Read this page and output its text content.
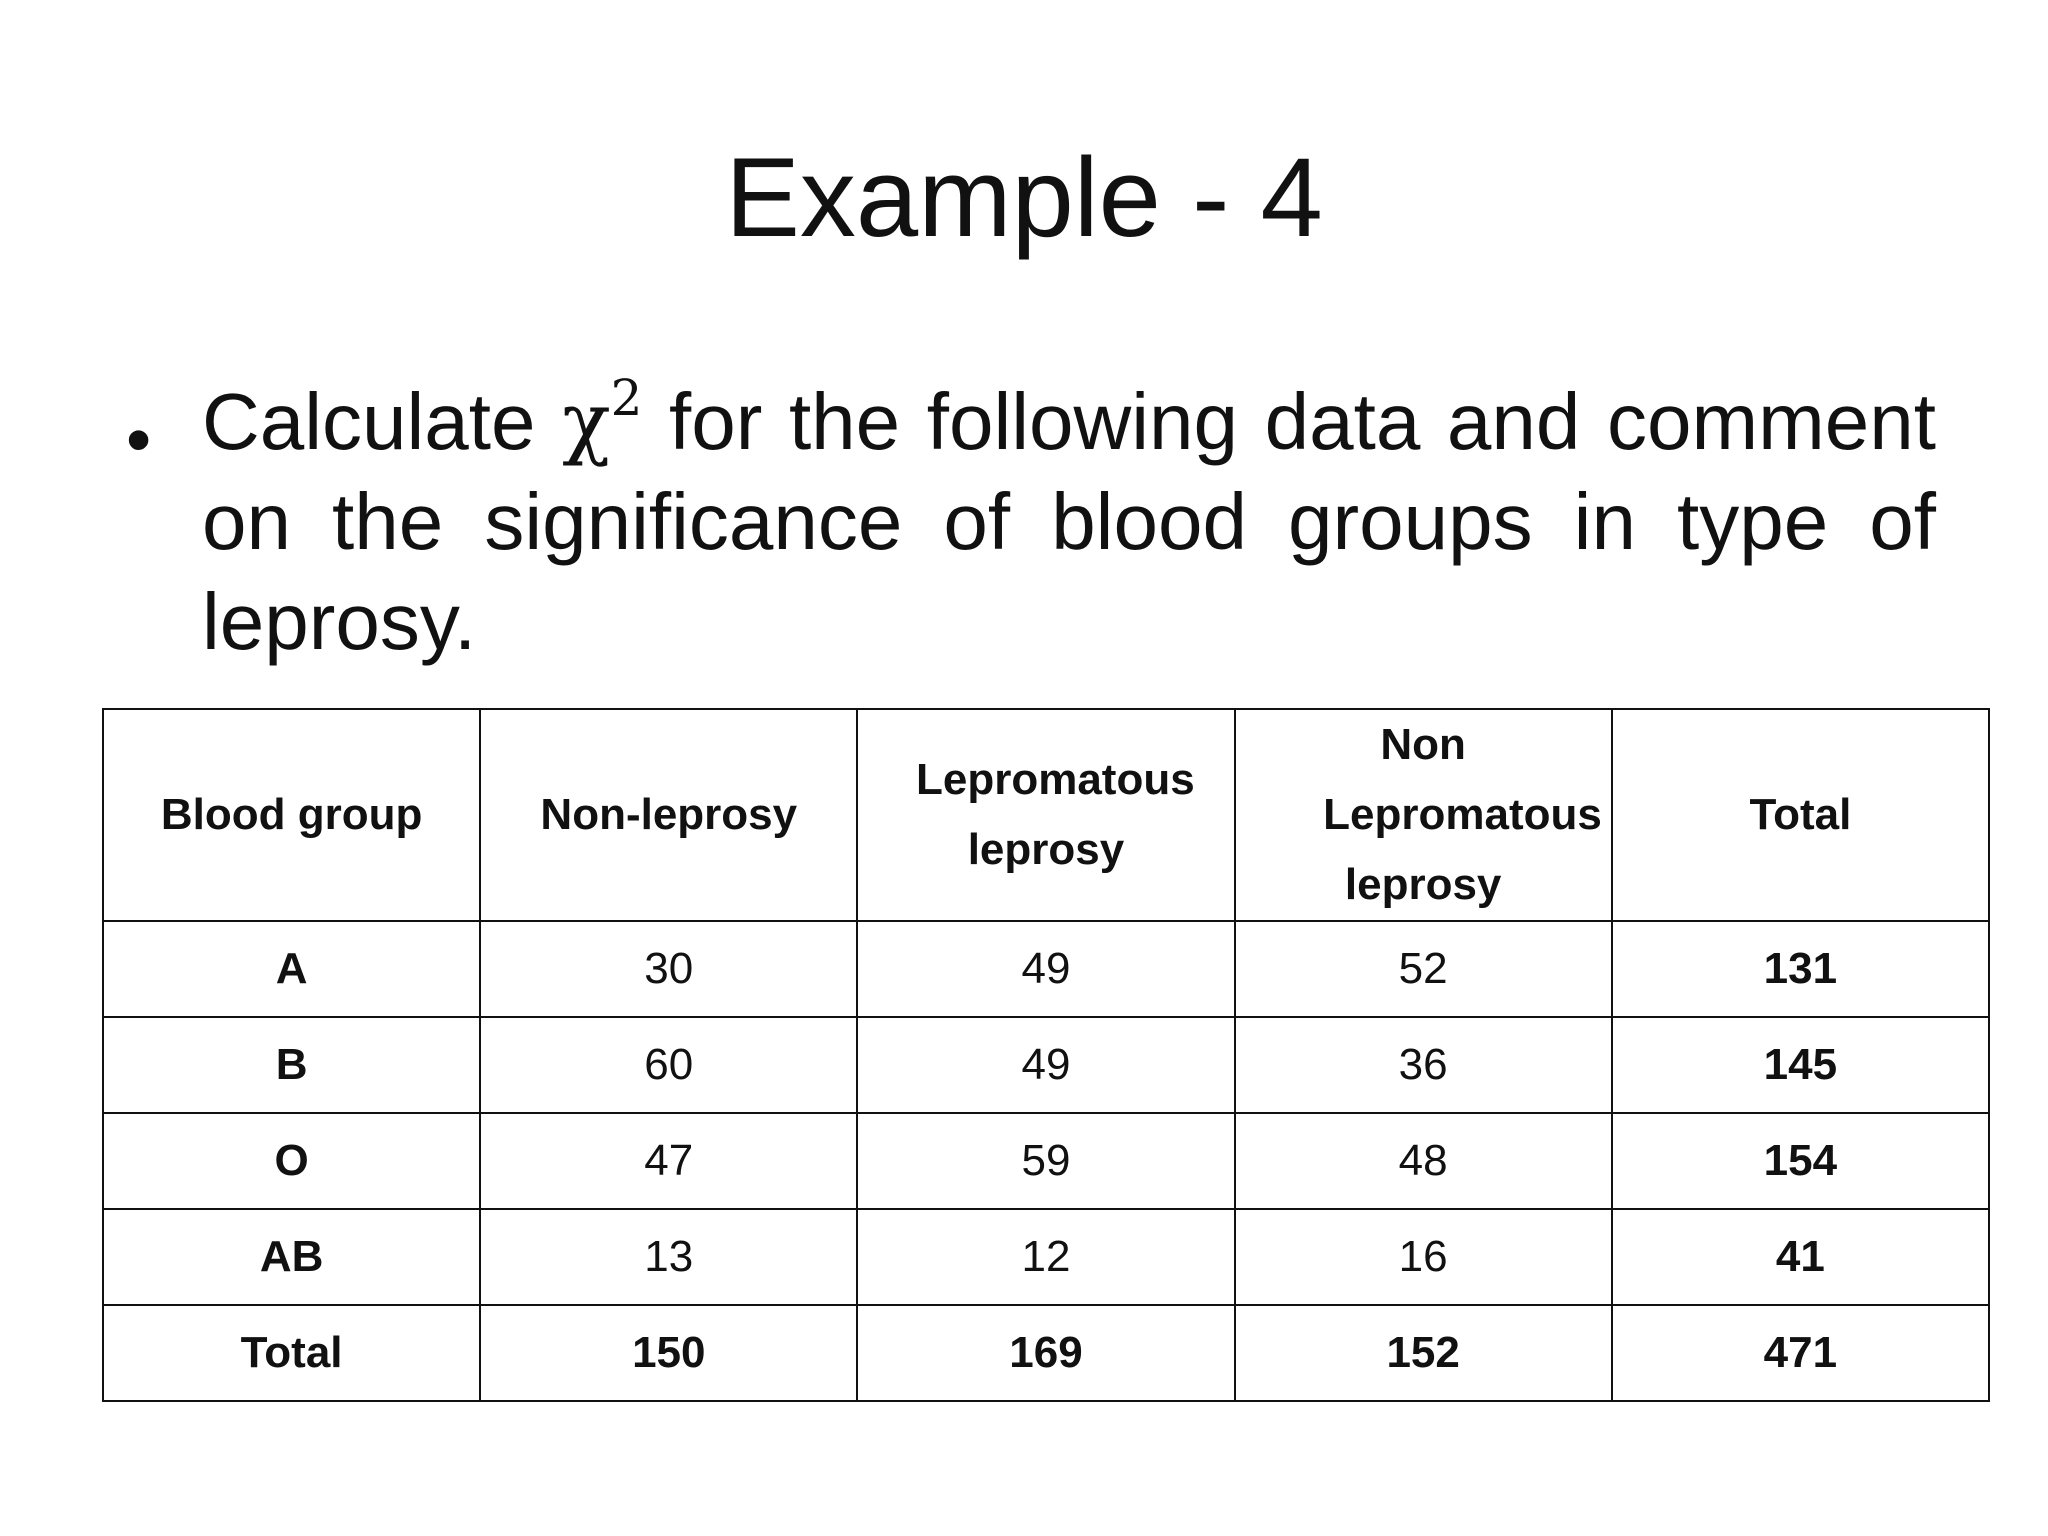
Example - 4
• Calculate $\chi^2$ for the following data and comment on the significance of blood groups in type of leprosy.
Blood group	Non-leprosy	Lepromatous leprosy	Non Lepromatous leprosy	Total
A	30	49	52	131
B	60	49	36	145
O	47	59	48	154
AB	13	12	16	41
Total	150	169	152	471
